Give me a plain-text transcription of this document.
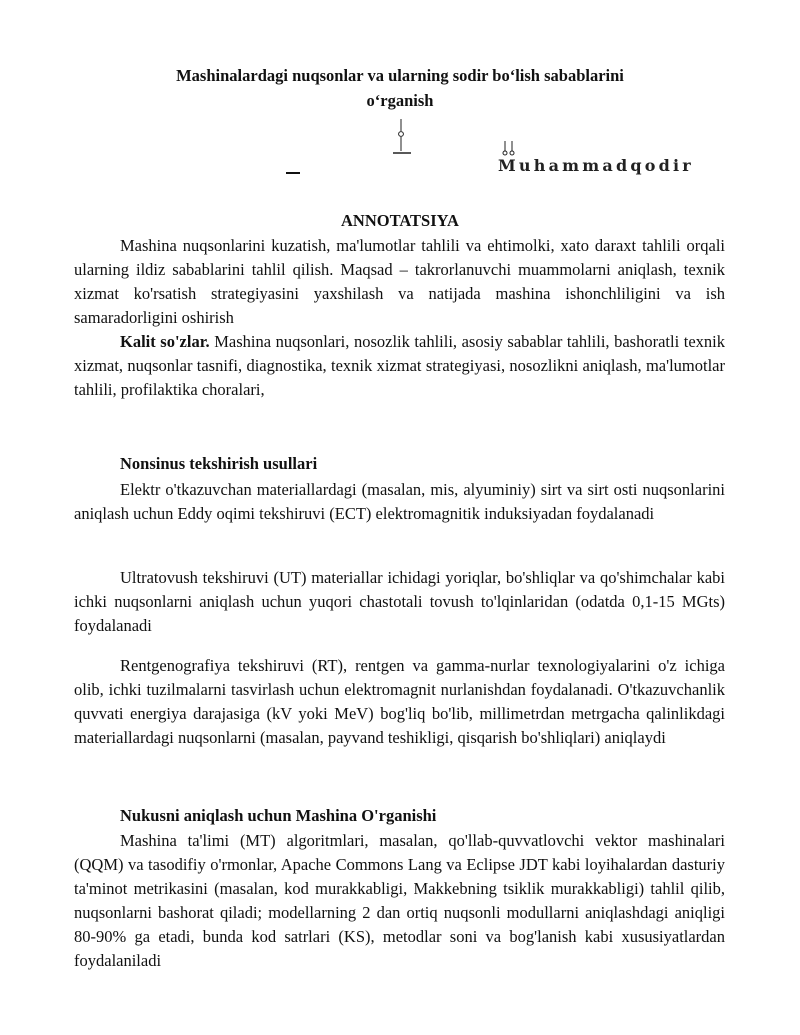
Mashinalardagi nuqsonlar va ularning sodir bo‘lish sabablarini
o‘rganish
Muhammadqodir
ANNOTATSIYA
Mashina nuqsonlarini kuzatish, ma'lumotlar tahlili va ehtimolki, xato daraxt tahlili orqali ularning ildiz sabablarini tahlil qilish. Maqsad – takrorlanuvchi muammolarni aniqlash, texnik xizmat ko'rsatish strategiyasini yaxshilash va natijada mashina ishonchliligini va ish samaradorligini oshirish
Kalit so'zlar. Mashina nuqsonlari, nosozlik tahlili, asosiy sabablar tahlili, bashoratli texnik xizmat, nuqsonlar tasnifi, diagnostika, texnik xizmat strategiyasi, nosozlikni aniqlash, ma'lumotlar tahlili, profilaktika choralari,
Nonsinus tekshirish usullari
Elektr o'tkazuvchan materiallardagi (masalan, mis, alyuminiy) sirt va sirt osti nuqsonlarini aniqlash uchun Eddy oqimi tekshiruvi (ECT) elektromagnitik induksiyadan foydalanadi
Ultratovush tekshiruvi (UT) materiallar ichidagi yoriqlar, bo'shliqlar va qo'shimchalar kabi ichki nuqsonlarni aniqlash uchun yuqori chastotali tovush to'lqinlaridan (odatda 0,1-15 MGts) foydalanadi
Rentgenografiya tekshiruvi (RT), rentgen va gamma-nurlar texnologiyalarini o'z ichiga olib, ichki tuzilmalarni tasvirlash uchun elektromagnit nurlanishdan foydalanadi. O'tkazuvchanlik quvvati energiya darajasiga (kV yoki MeV) bog'liq bo'lib, millimetrdan metrgacha qalinlikdagi materiallardagi nuqsonlarni (masalan, payvand teshikligi, qisqarish bo'shliqlari) aniqlaydi
Nukusni aniqlash uchun Mashina O'rganishi
Mashina ta'limi (MT) algoritmlari, masalan, qo'llab-quvvatlovchi vektor mashinalari (QQM) va tasodifiy o'rmonlar, Apache Commons Lang va Eclipse JDT kabi loyihalardan dasturiy ta'minot metrikasini (masalan, kod murakkabligi, Makkebning tsiklik murakkabligi) tahlil qilib, nuqsonlarni bashorat qiladi; modellarning 2 dan ortiq nuqsonli modullarni aniqlashdagi aniqligi 80-90% ga etadi, bunda kod satrlari (KS), metodlar soni va bog'lanish kabi xususiyatlardan foydalaniladi
